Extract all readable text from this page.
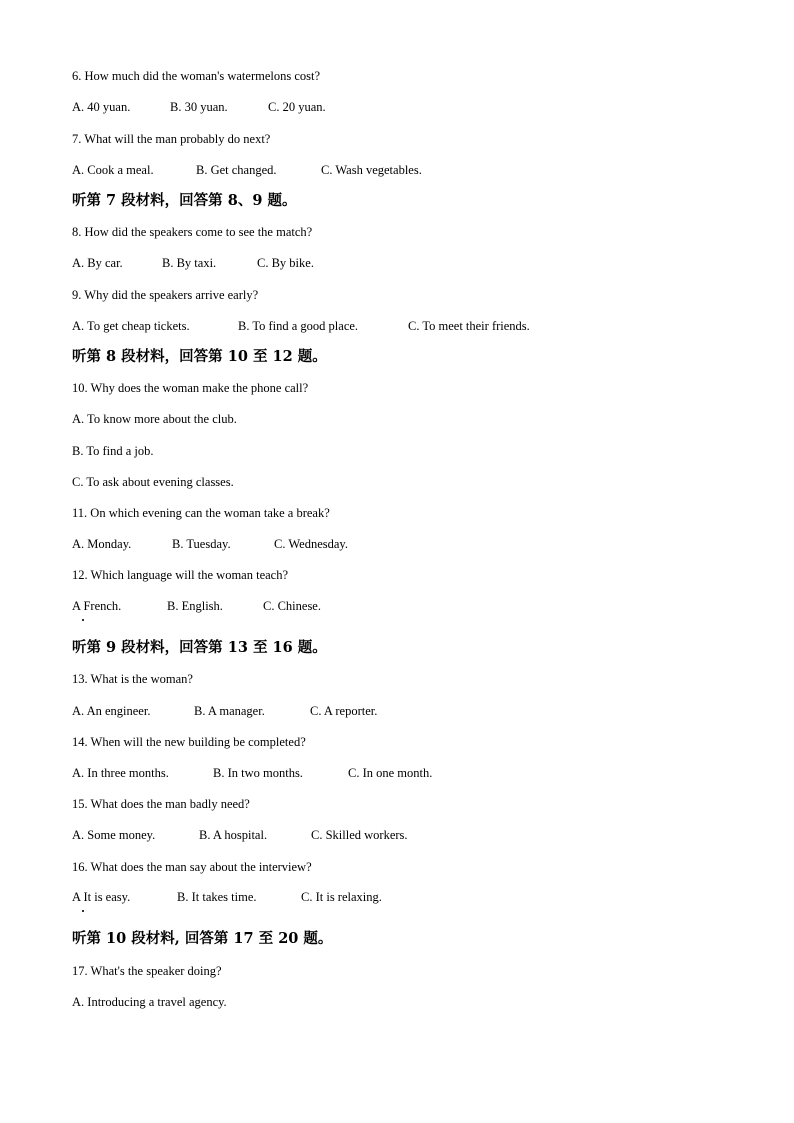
6. How much did the woman's watermelons cost?
A. 40 yuan.	B. 30 yuan.	C. 20 yuan.
7. What will the man probably do next?
A. Cook a meal.	B. Get changed.	C. Wash vegetables.
听第 7 段材料，回答第 8、9 题。
8. How did the speakers come to see the match?
A. By car.	B. By taxi.	C. By bike.
9. Why did the speakers arrive early?
A. To get cheap tickets.	B. To find a good place.	C. To meet their friends.
听第 8 段材料，回答第 10 至 12 题。
10. Why does the woman make the phone call?
A. To know more about the club.
B. To find a job.
C. To ask about evening classes.
11. On which evening can the woman take a break?
A. Monday.	B. Tuesday.	C. Wednesday.
12. Which language will the woman teach?
A French.	B. English.	C. Chinese.
听第 9 段材料，回答第 13 至 16 题。
13. What is the woman?
A. An engineer.	B. A manager.	C. A reporter.
14. When will the new building be completed?
A. In three months.	B. In two months.	C. In one month.
15. What does the man badly need?
A. Some money.	B. A hospital.	C. Skilled workers.
16. What does the man say about the interview?
A It is easy.	B. It takes time.	C. It is relaxing.
听第 10 段材料, 回答第 17 至 20 题。
17. What's the speaker doing?
A. Introducing a travel agency.
